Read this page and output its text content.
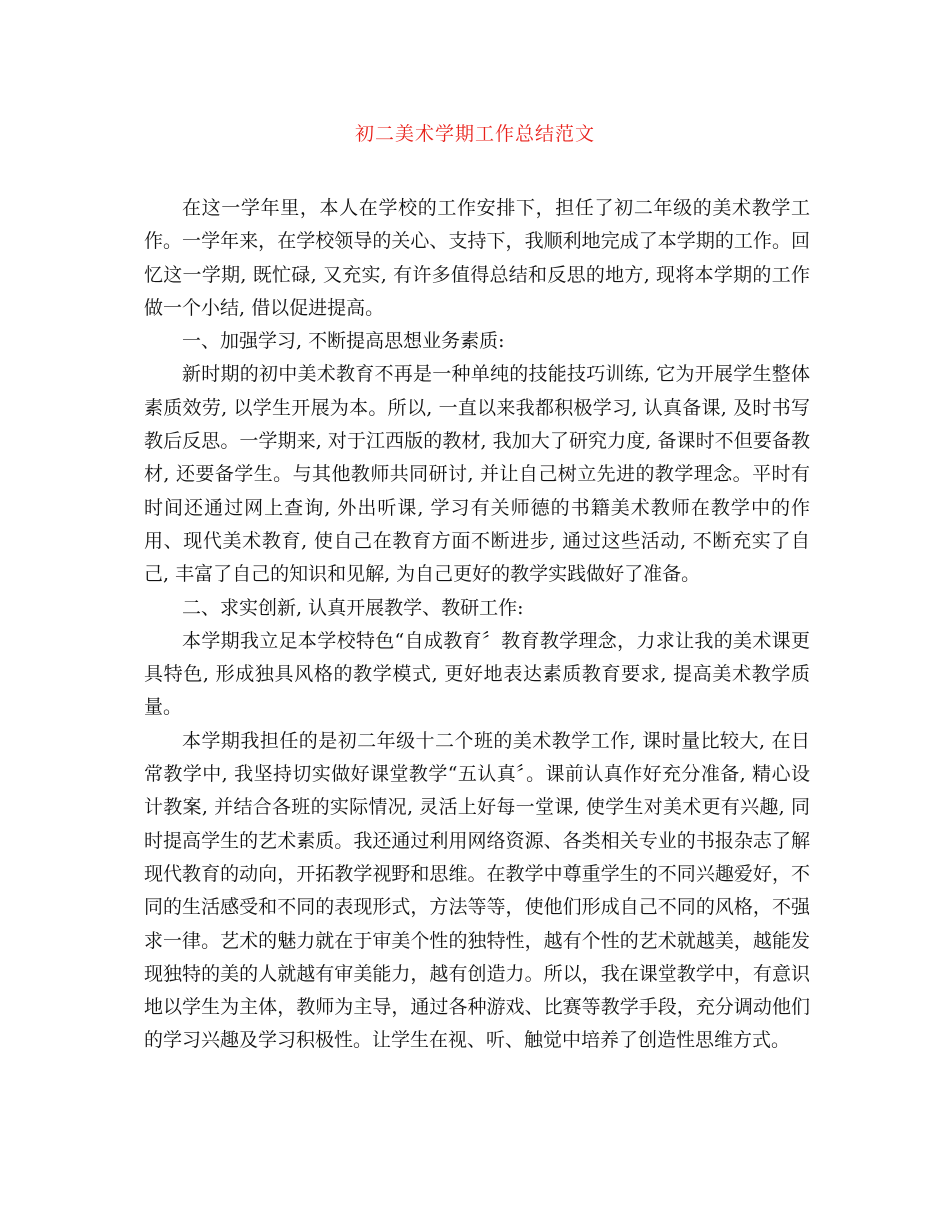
初二美术学期工作总结范文

在这一学年里，本人在学校的工作安排下，担任了初二年级的美术教学工作。一学年来，在学校领导的关心、支持下，我顺利地完成了本学期的工作。回忆这一学期, 既忙碌, 又充实, 有许多值得总结和反思的地方, 现将本学期的工作做一个小结, 借以促进提高。

一、加强学习, 不断提高思想业务素质:

新时期的初中美术教育不再是一种单纯的技能技巧训练, 它为开展学生整体素质效劳, 以学生开展为本。所以, 一直以来我都积极学习, 认真备课, 及时书写教后反思。一学期来, 对于江西版的教材, 我加大了研究力度, 备课时不但要备教材, 还要备学生。与其他教师共同研讨, 并让自己树立先进的教学理念。平时有时间还通过网上查询, 外出听课, 学习有关师德的书籍美术教师在教学中的作用、现代美术教育, 使自己在教育方面不断进步, 通过这些活动, 不断充实了自己, 丰富了自己的知识和见解, 为自己更好的教学实践做好了准备。

二、求实创新, 认真开展教学、教研工作:

本学期我立足本学校特色“自成教育〞教育教学理念，力求让我的美术课更具特色, 形成独具风格的教学模式, 更好地表达素质教育要求, 提高美术教学质量。

本学期我担任的是初二年级十二个班的美术教学工作, 课时量比较大, 在日常教学中, 我坚持切实做好课堂教学“五认真〞。课前认真作好充分准备, 精心设计教案, 并结合各班的实际情况, 灵活上好每一堂课, 使学生对美术更有兴趣, 同时提高学生的艺术素质。我还通过利用网络资源、各类相关专业的书报杂志了解现代教育的动向，开拓教学视野和思维。在教学中尊重学生的不同兴趣爱好，不同的生活感受和不同的表现形式，方法等等，使他们形成自己不同的风格，不强求一律。艺术的魅力就在于审美个性的独特性，越有个性的艺术就越美，越能发现独特的美的人就越有审美能力，越有创造力。所以，我在课堂教学中，有意识地以学生为主体，教师为主导，通过各种游戏、比赛等教学手段，充分调动他们的学习兴趣及学习积极性。让学生在视、听、触觉中培养了创造性思维方式。
